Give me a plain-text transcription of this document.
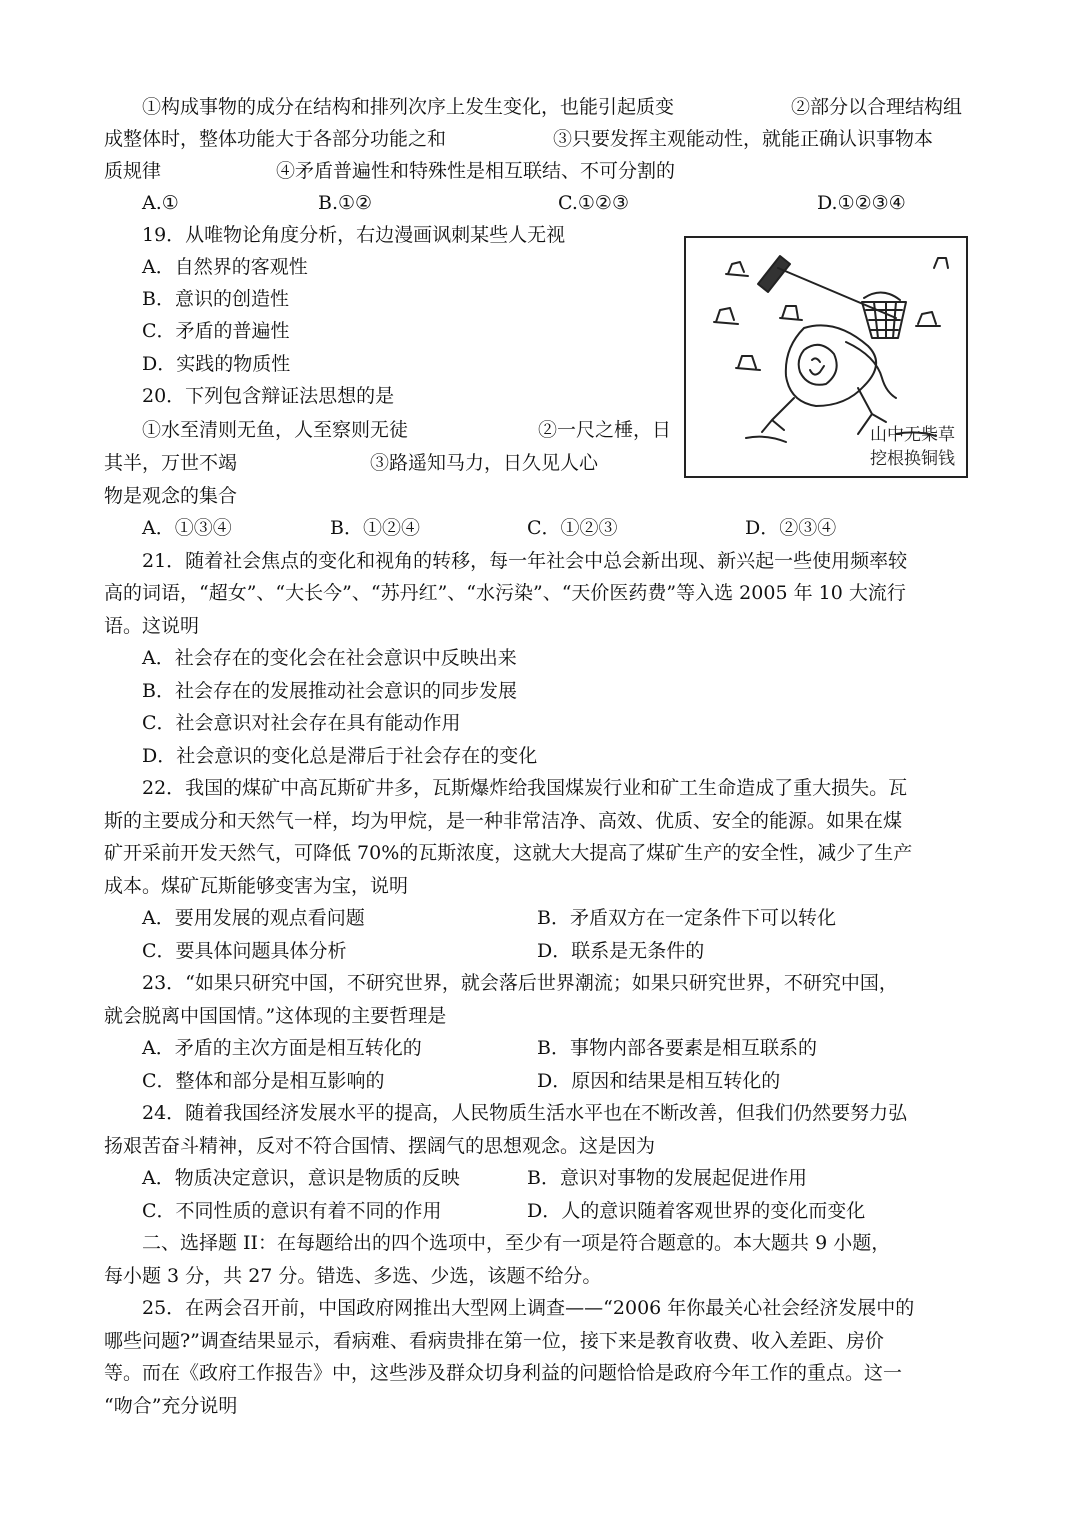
①构成事物的成分在结构和排列次序上发生变化，也能引起质变	②部分以合理结构组
成整体时，整体功能大于各部分功能之和	③只要发挥主观能动性，就能正确认识事物本
质规律	④矛盾普遍性和特殊性是相互联结、不可分割的
A.①	B.①②	C.①②③	D.①②③④
19．从唯物论角度分析，右边漫画讽刺某些人无视
A．自然界的客观性
B．意识的创造性
C．矛盾的普遍性
D．实践的物质性
山中无柴草
挖根换铜钱
20．下列包含辩证法思想的是
①水至清则无鱼，人至察则无徒	②一尺之棰，日
其半，万世不竭	③路遥知马力，日久见人心
物是观念的集合
A．①③④	B．①②④	C．①②③	D．②③④
21．随着社会焦点的变化和视角的转移，每一年社会中总会新出现、新兴起一些使用频率较
高的词语，“超女”、“大长今”、“苏丹红”、“水污染”、“天价医药费”等入选 2005 年 10 大流行
语。这说明
A．社会存在的变化会在社会意识中反映出来
B．社会存在的发展推动社会意识的同步发展
C．社会意识对社会存在具有能动作用
D．社会意识的变化总是滞后于社会存在的变化
22．我国的煤矿中高瓦斯矿井多，瓦斯爆炸给我国煤炭行业和矿工生命造成了重大损失。瓦
斯的主要成分和天然气一样，均为甲烷，是一种非常洁净、高效、优质、安全的能源。如果在煤
矿开采前开发天然气，可降低 70%的瓦斯浓度，这就大大提高了煤矿生产的安全性，减少了生产
成本。煤矿瓦斯能够变害为宝，说明
A．要用发展的观点看问题	B．矛盾双方在一定条件下可以转化
C．要具体问题具体分析	D．联系是无条件的
23．“如果只研究中国，不研究世界，就会落后世界潮流；如果只研究世界，不研究中国，
就会脱离中国国情。”这体现的主要哲理是
A．矛盾的主次方面是相互转化的	B．事物内部各要素是相互联系的
C．整体和部分是相互影响的	D．原因和结果是相互转化的
24．随着我国经济发展水平的提高，人民物质生活水平也在不断改善，但我们仍然要努力弘
扬艰苦奋斗精神，反对不符合国情、摆阔气的思想观念。这是因为
A．物质决定意识，意识是物质的反映	B．意识对事物的发展起促进作用
C．不同性质的意识有着不同的作用	D．人的意识随着客观世界的变化而变化
二、选择题 II：在每题给出的四个选项中，至少有一项是符合题意的。本大题共 9 小题，
每小题 3 分，共 27 分。错选、多选、少选，该题不给分。
25．在两会召开前，中国政府网推出大型网上调查——“2006 年你最关心社会经济发展中的
哪些问题?”调查结果显示，看病难、看病贵排在第一位，接下来是教育收费、收入差距、房价
等。而在《政府工作报告》中，这些涉及群众切身利益的问题恰恰是政府今年工作的重点。这一
“吻合”充分说明
